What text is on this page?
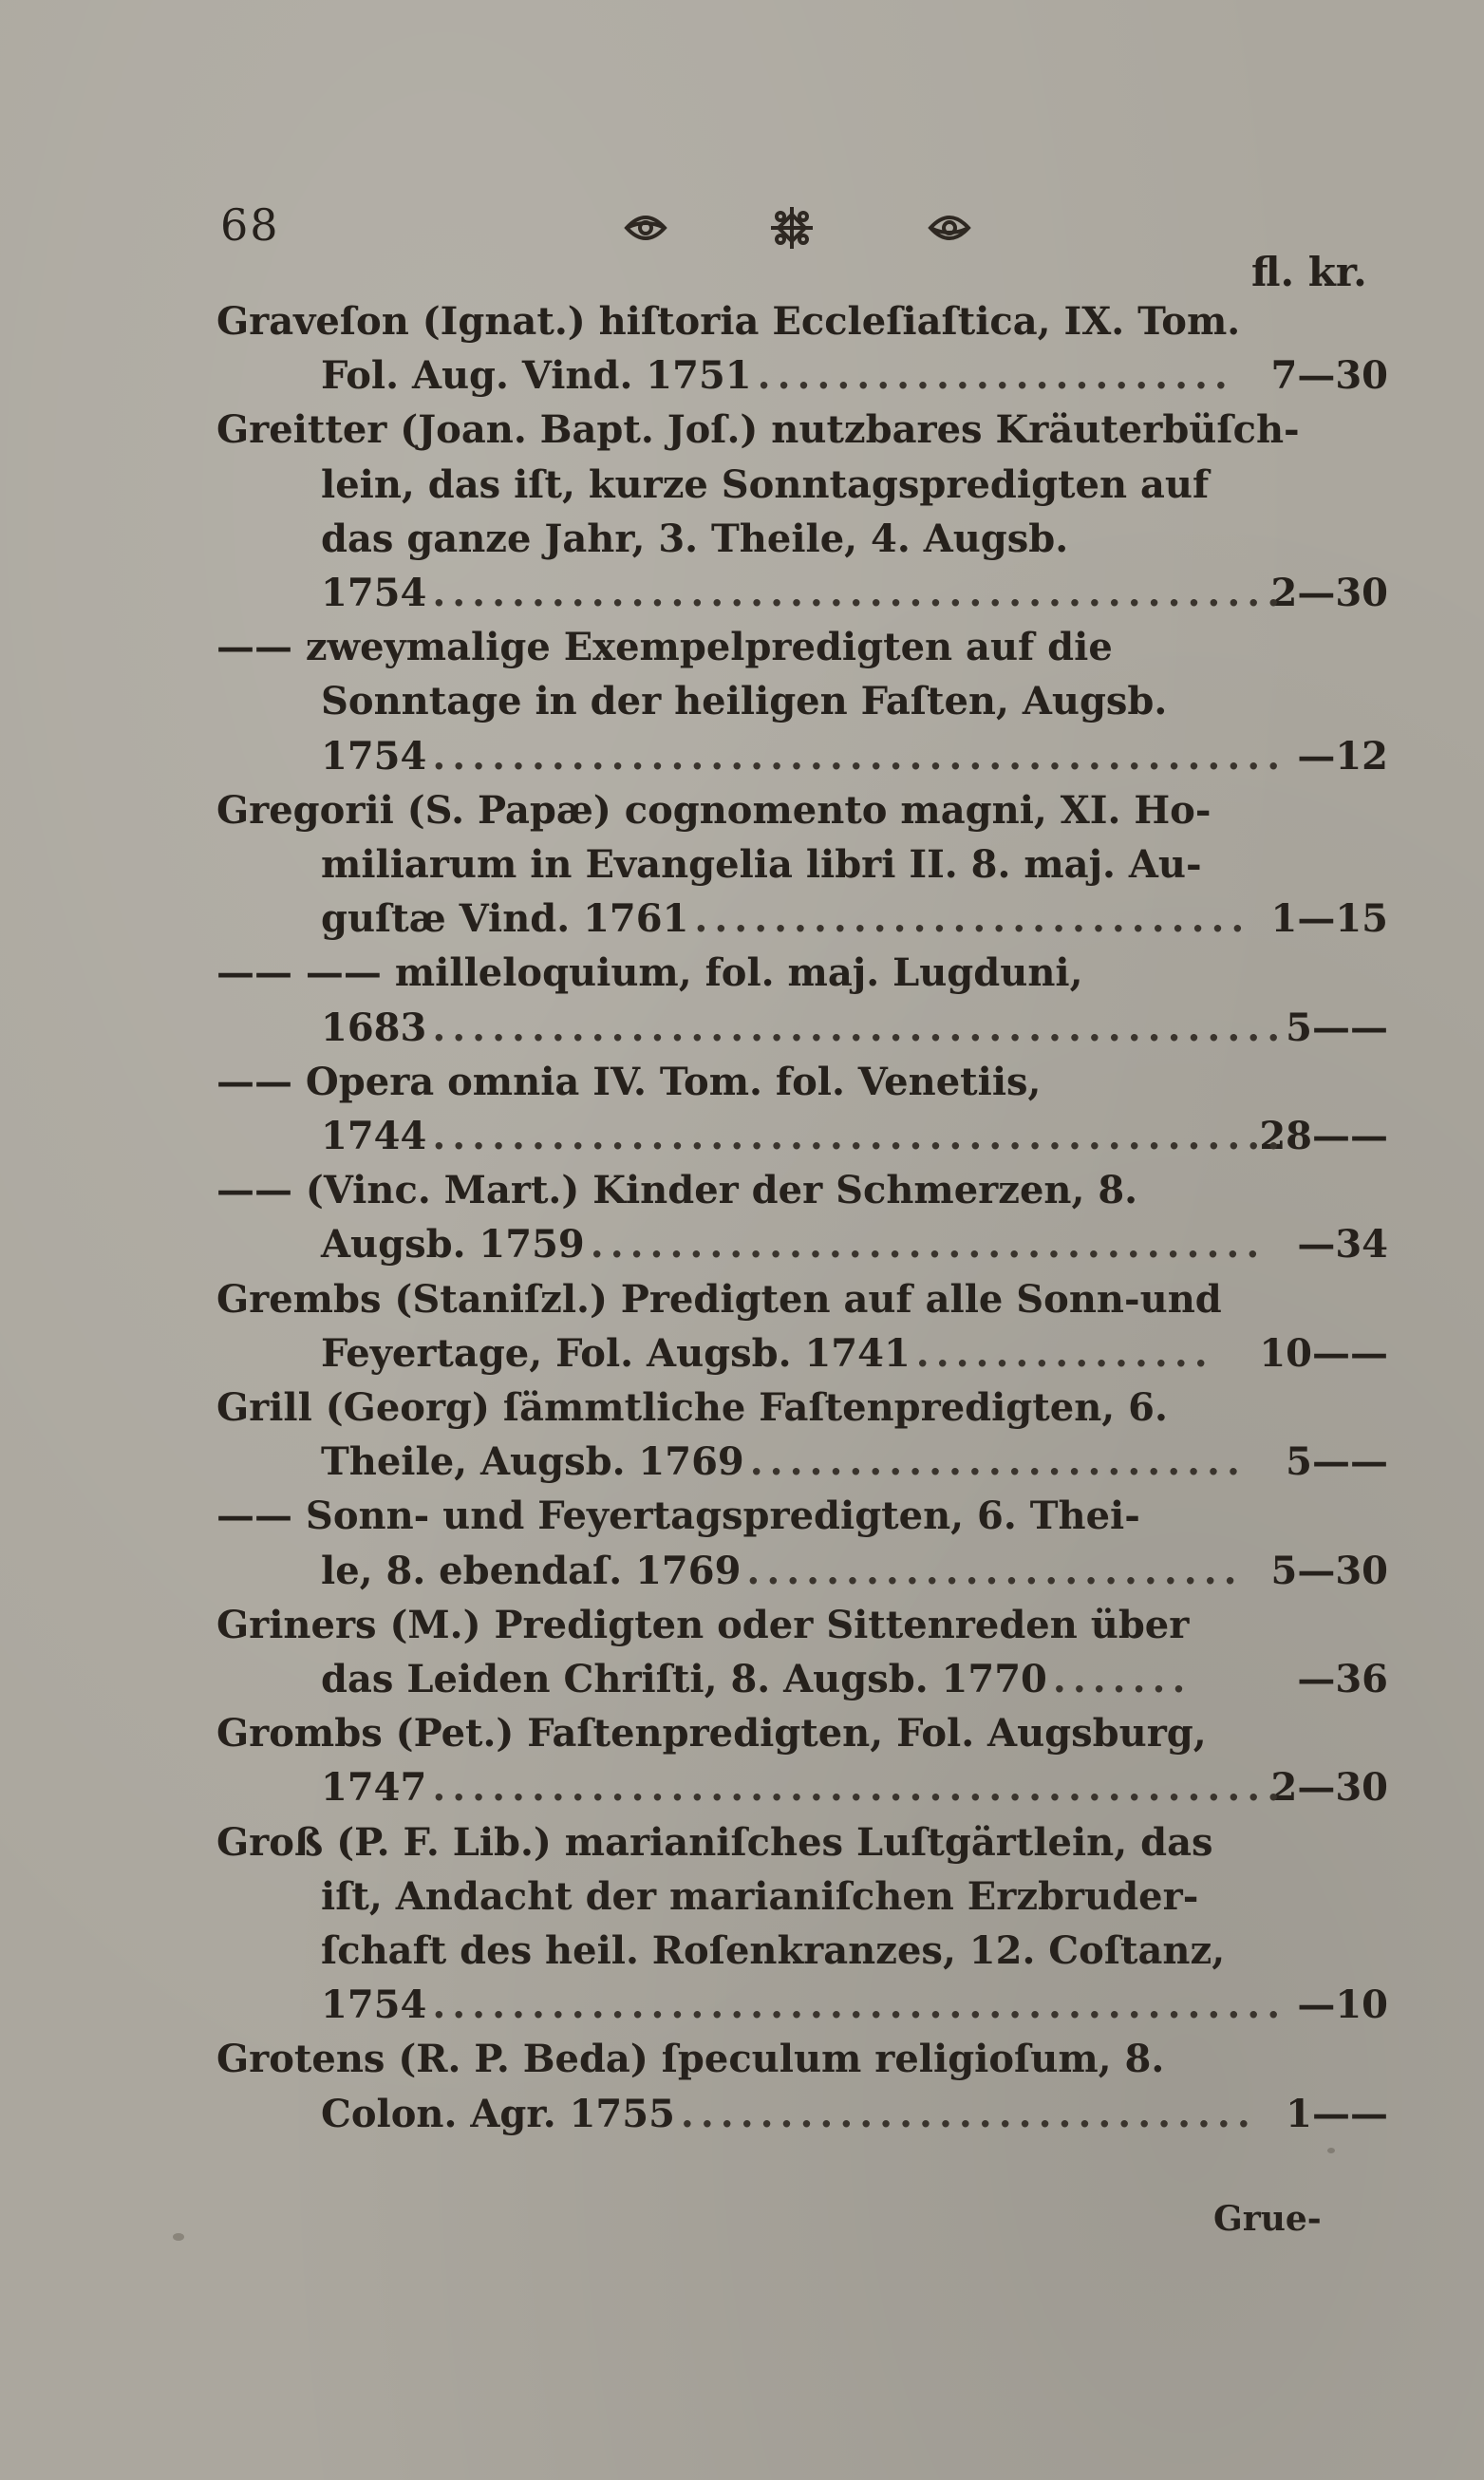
68
fl. kr.
Graveſon (Ignat.) hiſtoria Eccleſiaſtica, IX. Tom.
7—30
Fol. Aug. Vind. 1751 ........................
Greitter (Joan. Bapt. Joſ.) nutzbares Kräuterbüſch-
lein, das iſt, kurze Sonntagspredigten auf
das ganze Jahr, 3. Theile, 4. Augsb.
2—30
1754 ...........................................
—— zweymalige Exempelpredigten auf die
Sonntage in der heiligen Faſten, Augsb.
—12
1754 ...........................................
Gregorii (S. Papæ) cognomento magni, XI. Ho-
miliarum in Evangelia libri II. 8. maj. Au-
1—15
guſtæ Vind. 1761 ............................
—— —— milleloquium, fol. maj. Lugduni,
5——
1683 ...........................................
—— Opera omnia IV. Tom. fol. Venetiis,
28——
1744 ...........................................
—— (Vinc. Mart.) Kinder der Schmerzen, 8.
—34
Augsb. 1759 ..................................
Grembs (Staniſzl.) Predigten auf alle Sonn-und
10——
Feyertage, Fol. Augsb. 1741 ...............
Grill (Georg) ſämmtliche Faſtenpredigten, 6.
5——
Theile, Augsb. 1769 .........................
—— Sonn- und Feyertagspredigten, 6. Thei-
5—30
le, 8. ebendaſ. 1769 .........................
Griners (M.) Predigten oder Sittenreden über
—36
das Leiden Chriſti, 8. Augsb. 1770 .......
Grombs (Pet.) Faſtenpredigten, Fol. Augsburg,
2—30
1747 ...........................................
Groß (P. F. Lib.) marianiſches Luſtgärtlein, das
iſt, Andacht der marianiſchen Erzbruder-
ſchaft des heil. Roſenkranzes, 12. Coſtanz,
—10
1754 ...........................................
Grotens (R. P. Beda) ſpeculum religioſum, 8.
1——
Colon. Agr. 1755 .............................
Grue-
